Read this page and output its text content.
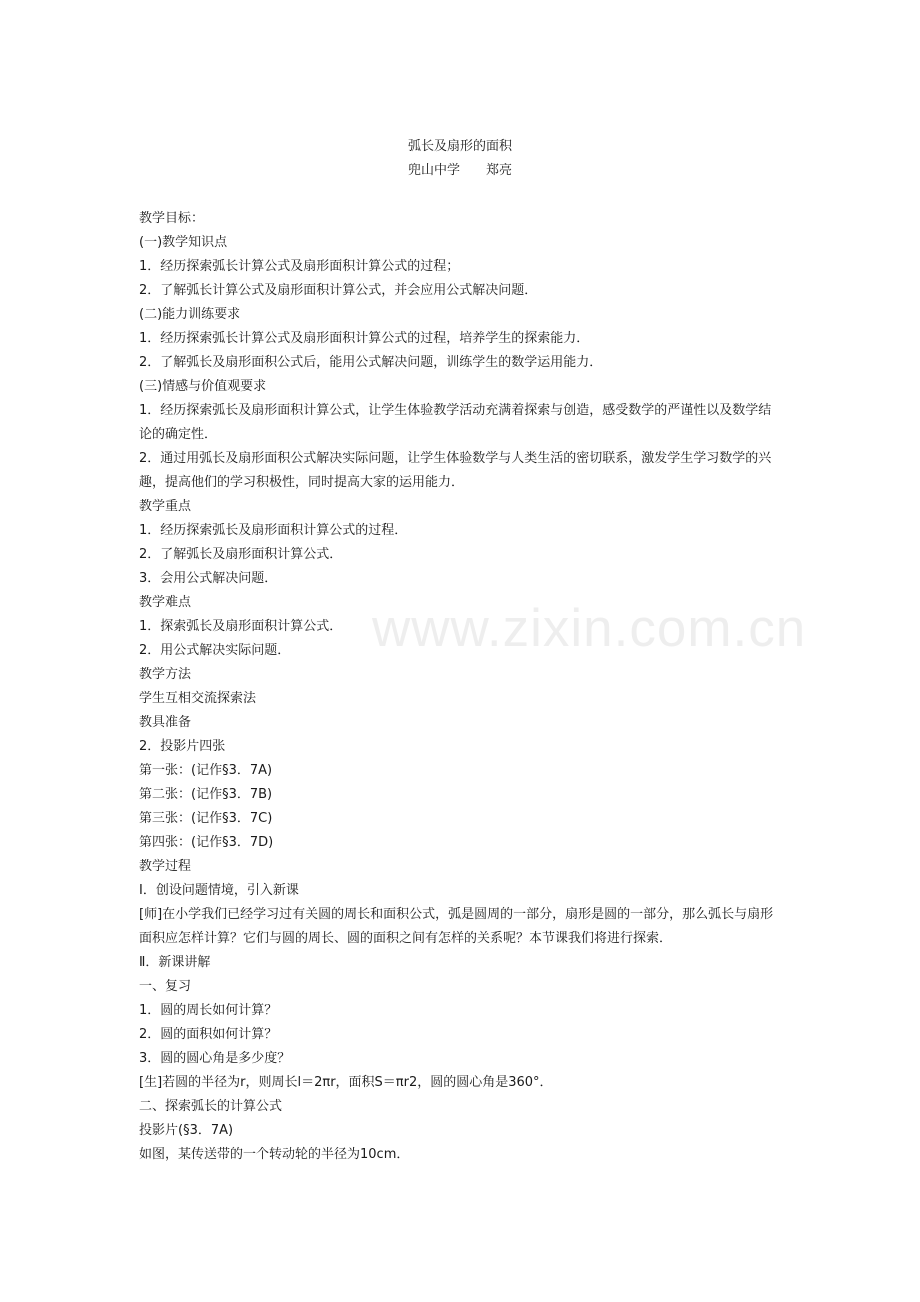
弧长及扇形的面积
兜山中学 郑亮

教学目标：

(一)教学知识点

1．经历探索弧长计算公式及扇形面积计算公式的过程；

2．了解弧长计算公式及扇形面积计算公式，并会应用公式解决问题．

(二)能力训练要求

1．经历探索弧长计算公式及扇形面积计算公式的过程，培养学生的探索能力．

2．了解弧长及扇形面积公式后，能用公式解决问题，训练学生的数学运用能力．

(三)情感与价值观要求

1．经历探索弧长及扇形面积计算公式，让学生体验教学活动充满着探索与创造，感受数学的严谨性以及数学结论的确定性．

2．通过用弧长及扇形面积公式解决实际问题，让学生体验数学与人类生活的密切联系，激发学生学习数学的兴趣，提高他们的学习积极性，同时提高大家的运用能力．

教学重点

1．经历探索弧长及扇形面积计算公式的过程．

2．了解弧长及扇形面积计算公式．

3．会用公式解决问题．

教学难点

1．探索弧长及扇形面积计算公式．

2．用公式解决实际问题．

教学方法

学生互相交流探索法

教具准备

2．投影片四张

第一张：(记作§3．7A)

第二张：(记作§3．7B)

第三张：(记作§3．7C)

第四张：(记作§3．7D)

教学过程

Ⅰ．创设问题情境，引入新课

[师]在小学我们已经学习过有关圆的周长和面积公式，弧是圆周的一部分，扇形是圆的一部分，那么弧长与扇形面积应怎样计算？它们与圆的周长、圆的面积之间有怎样的关系呢？本节课我们将进行探索．

Ⅱ．新课讲解

一、复习

1．圆的周长如何计算？

2．圆的面积如何计算？

3．圆的圆心角是多少度？

[生]若圆的半径为r，则周长l＝2πr，面积S＝πr2，圆的圆心角是360°．

二、探索弧长的计算公式

投影片(§3．7A)

如图，某传送带的一个转动轮的半径为10cm．

www.zixin.com.cn
